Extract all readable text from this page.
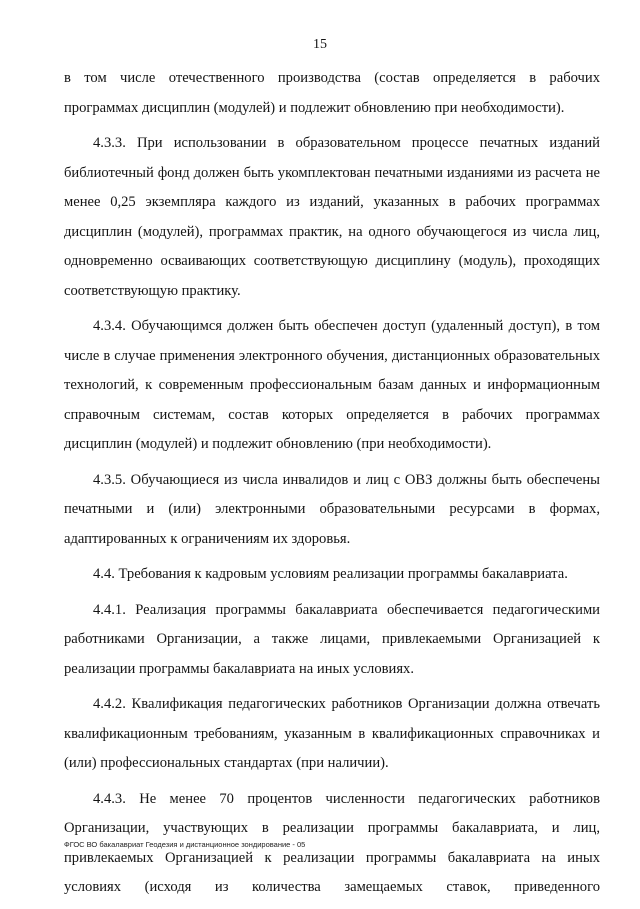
15

в том числе отечественного производства (состав определяется в рабочих программах дисциплин (модулей) и подлежит обновлению при необходимости).

4.3.3. При использовании в образовательном процессе печатных изданий библиотечный фонд должен быть укомплектован печатными изданиями из расчета не менее 0,25 экземпляра каждого из изданий, указанных в рабочих программах дисциплин (модулей), программах практик, на одного обучающегося из числа лиц, одновременно осваивающих соответствующую дисциплину (модуль), проходящих соответствующую практику.

4.3.4. Обучающимся должен быть обеспечен доступ (удаленный доступ), в том числе в случае применения электронного обучения, дистанционных образовательных технологий, к современным профессиональным базам данных и информационным справочным системам, состав которых определяется в рабочих программах дисциплин (модулей) и подлежит обновлению (при необходимости).

4.3.5. Обучающиеся из числа инвалидов и лиц с ОВЗ должны быть обеспечены печатными и (или) электронными образовательными ресурсами в формах, адаптированных к ограничениям их здоровья.

4.4. Требования к кадровым условиям реализации программы бакалавриата.

4.4.1. Реализация программы бакалавриата обеспечивается педагогическими работниками Организации, а также лицами, привлекаемыми Организацией к реализации программы бакалавриата на иных условиях.

4.4.2. Квалификация педагогических работников Организации должна отвечать квалификационным требованиям, указанным в квалификационных справочниках и (или) профессиональных стандартах (при наличии).

4.4.3. Не менее 70 процентов численности педагогических работников Организации, участвующих в реализации программы бакалавриата, и лиц, привлекаемых Организацией к реализации программы бакалавриата на иных условиях (исходя из количества замещаемых ставок, приведенного

ФГОС ВО бакалавриат Геодезия и дистанционное зондирование - 05
